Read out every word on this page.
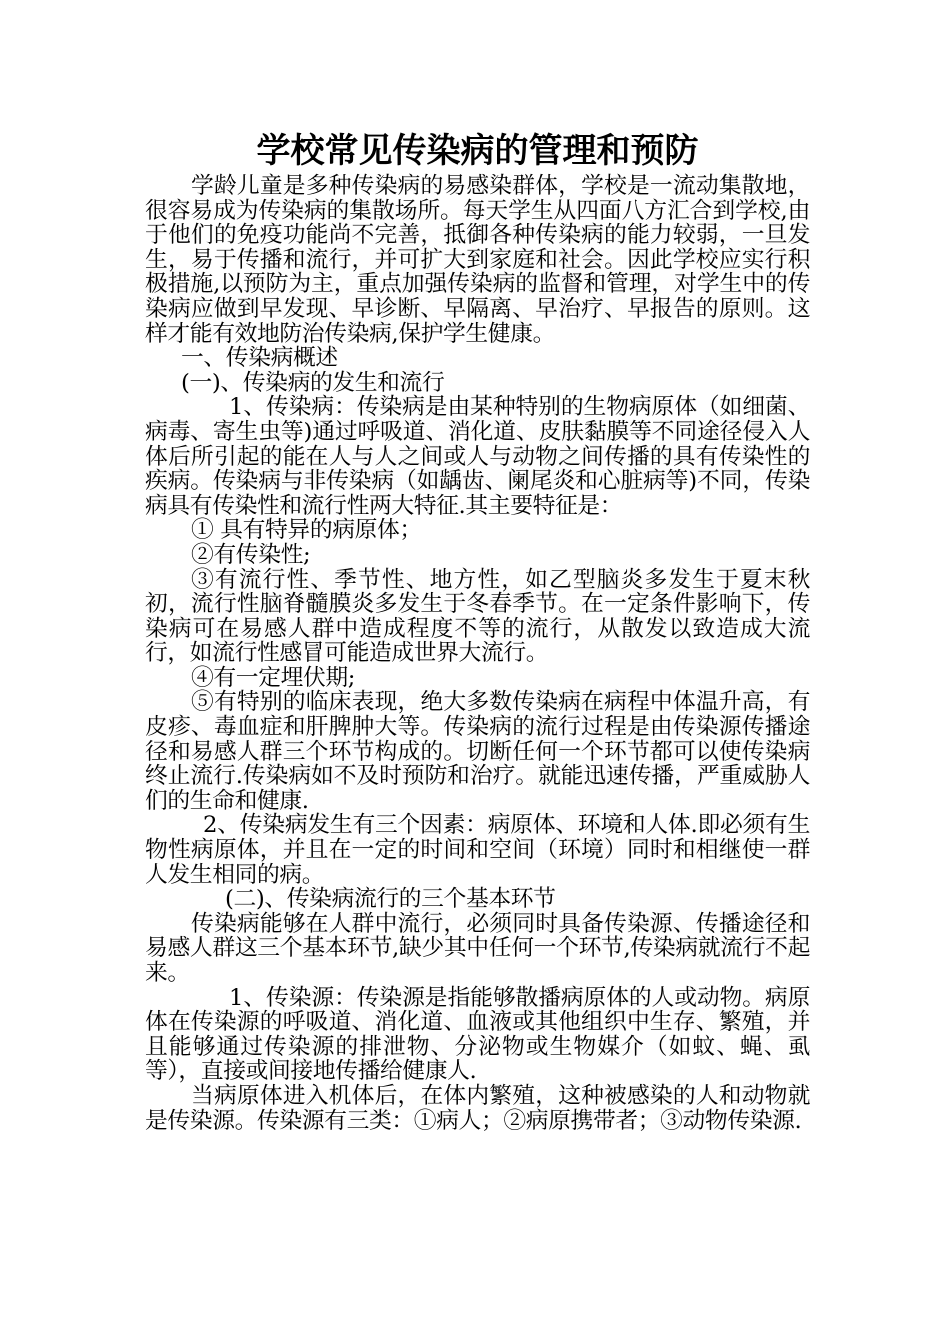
学校常见传染病的管理和预防

学龄儿童是多种传染病的易感染群体，学校是一流动集散地，很容易成为传染病的集散场所。每天学生从四面八方汇合到学校,由于他们的免疫功能尚不完善，抵御各种传染病的能力较弱，一旦发生，易于传播和流行，并可扩大到家庭和社会。因此学校应实行积极措施,以预防为主，重点加强传染病的监督和管理，对学生中的传染病应做到早发现、早诊断、早隔离、早治疗、早报告的原则。这样才能有效地防治传染病,保护学生健康。

一、传染病概述

(一)、传染病的发生和流行

1、传染病：传染病是由某种特别的生物病原体（如细菌、病毒、寄生虫等)通过呼吸道、消化道、皮肤黏膜等不同途径侵入人体后所引起的能在人与人之间或人与动物之间传播的具有传染性的疾病。传染病与非传染病（如龋齿、阑尾炎和心脏病等)不同，传染病具有传染性和流行性两大特征.其主要特征是：

① 具有特异的病原体；

②有传染性;

③有流行性、季节性、地方性，如乙型脑炎多发生于夏末秋初，流行性脑脊髓膜炎多发生于冬春季节。在一定条件影响下，传染病可在易感人群中造成程度不等的流行，从散发以致造成大流行，如流行性感冒可能造成世界大流行。

④有一定埋伏期;

⑤有特别的临床表现，绝大多数传染病在病程中体温升高，有皮疹、毒血症和肝脾肿大等。传染病的流行过程是由传染源传播途径和易感人群三个环节构成的。切断任何一个环节都可以使传染病终止流行.传染病如不及时预防和治疗。就能迅速传播，严重威胁人们的生命和健康.

2、传染病发生有三个因素：病原体、环境和人体.即必须有生物性病原体，并且在一定的时间和空间（环境）同时和相继使一群人发生相同的病。

(二)、传染病流行的三个基本环节

传染病能够在人群中流行，必须同时具备传染源、传播途径和易感人群这三个基本环节,缺少其中任何一个环节,传染病就流行不起来。

1、传染源：传染源是指能够散播病原体的人或动物。病原体在传染源的呼吸道、消化道、血液或其他组织中生存、繁殖，并且能够通过传染源的排泄物、分泌物或生物媒介（如蚊、蝇、虱等），直接或间接地传播给健康人.

当病原体进入机体后，在体内繁殖，这种被感染的人和动物就是传染源。传染源有三类：①病人；②病原携带者；③动物传染源.
